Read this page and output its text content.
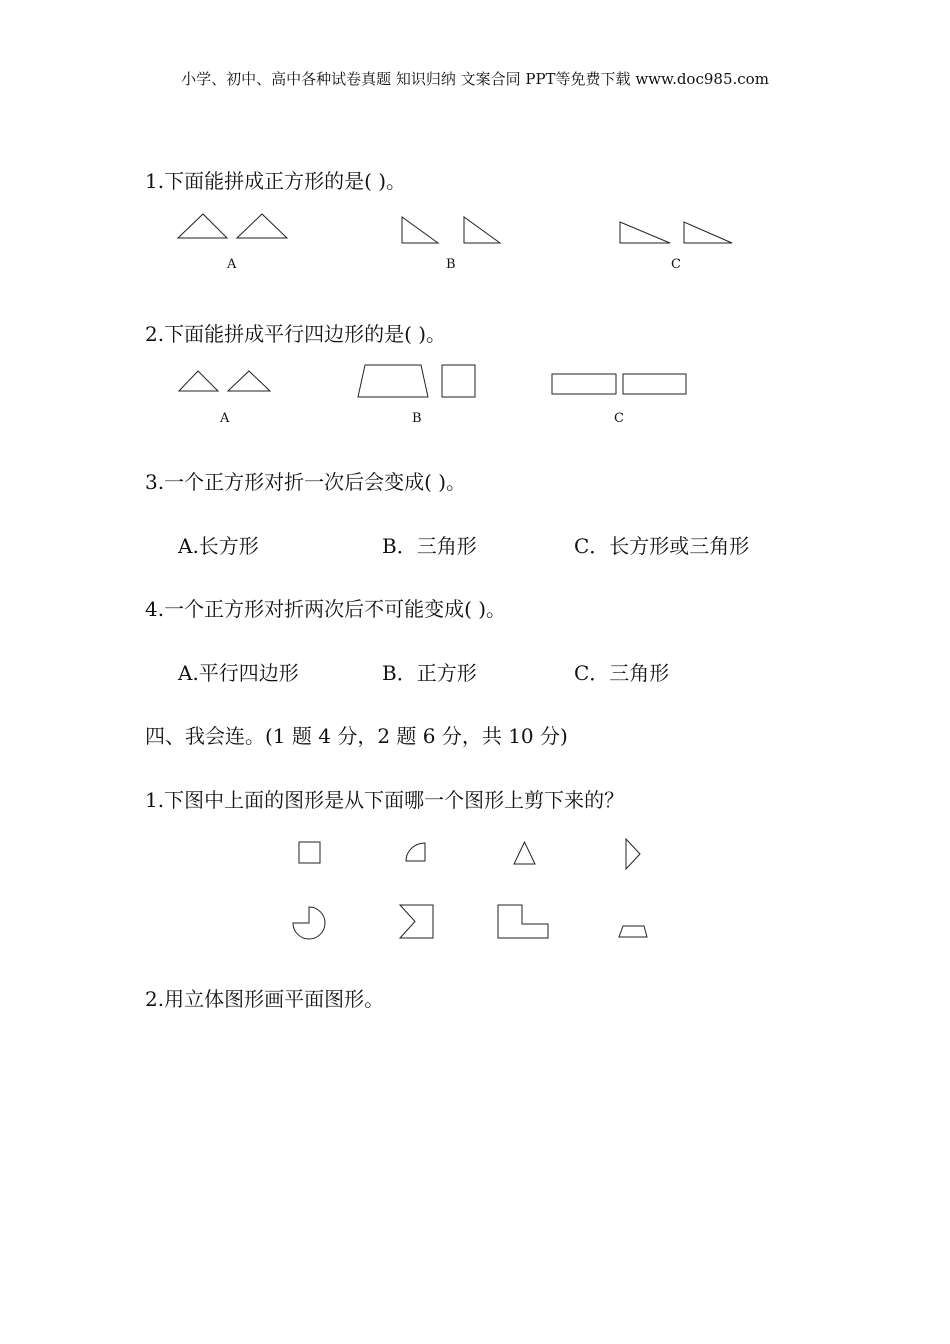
小学、初中、高中各种试卷真题 知识归纳 文案合同 PPT等免费下载 www.doc985.com
1.下面能拼成正方形的是( )。
A	B	C
2.下面能拼成平行四边形的是( )。
A	B	C
3.一个正方形对折一次后会变成( )。
A.长方形	B．三角形	C．长方形或三角形
4.一个正方形对折两次后不可能变成( )。
A.平行四边形	B．正方形	C．三角形
四、我会连。(1 题 4 分，2 题 6 分，共 10 分)
1.下图中上面的图形是从下面哪一个图形上剪下来的？
2.用立体图形画平面图形。
